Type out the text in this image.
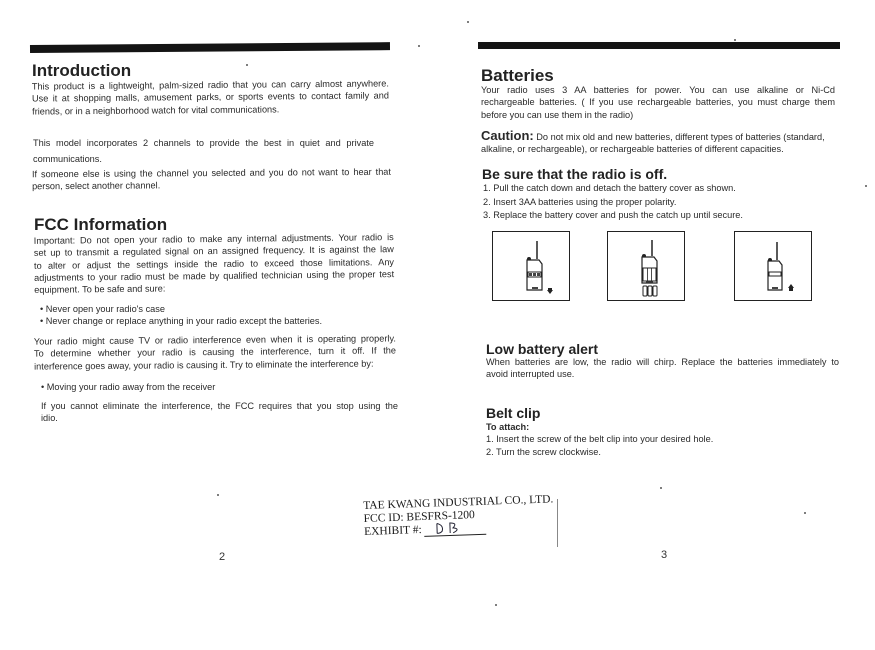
Introduction
This product is a lightweight, palm-sized radio that you can carry almost anywhere.
Use it at shopping malls, amusement parks, or sports events to contact family and
friends, or in a neighborhood watch for vital communications.
This model incorporates 2 channels to provide the best in quiet and private
communications.
If someone else is using the channel you selected and you do not want to hear that
person, select another channel.
FCC Information
Important: Do not open your radio to make any internal adjustments. Your radio is
set up to transmit a regulated signal on an assigned frequency. It is against the law
to alter or adjust the settings inside the radio to exceed those limitations. Any
adjustments to your radio must be made by qualified technician using the proper test
equipment. To be safe and sure:
• Never open your radio's case
• Never change or replace anything in your radio except the batteries.
Your radio might cause TV or radio interference even when it is operating properly.
To determine whether your radio is causing the interference, turn it off. If the
interference goes away, your radio is causing it. Try to eliminate the interference by:
• Moving your radio away from the receiver
If you cannot eliminate the interference, the FCC requires that you stop using the
idio.
2
Batteries
Your radio uses 3 AA batteries for power. You can use alkaline or Ni-Cd
rechargeable batteries. ( If you use rechargeable batteries, you must charge them
before you can use them in the radio)
Caution: Do not mix old and new batteries, different types of batteries (standard,
alkaline, or rechargeable), or rechargeable batteries of different capacities.
Be sure that the radio is off.
1. Pull the catch down and detach the battery cover as shown.
2. Insert 3AA batteries using the proper polarity.
3. Replace the battery cover and push the catch up until secure.
Low battery alert
When batteries are low, the radio will chirp. Replace the batteries immediately to
avoid interrupted use.
Belt clip
To attach:
1. Insert the screw of the belt clip into your desired hole.
2. Turn the screw clockwise.
3
TAE KWANG INDUSTRIAL CO., LTD.
FCC ID: BESFRS-1200
EXHIBIT #:
